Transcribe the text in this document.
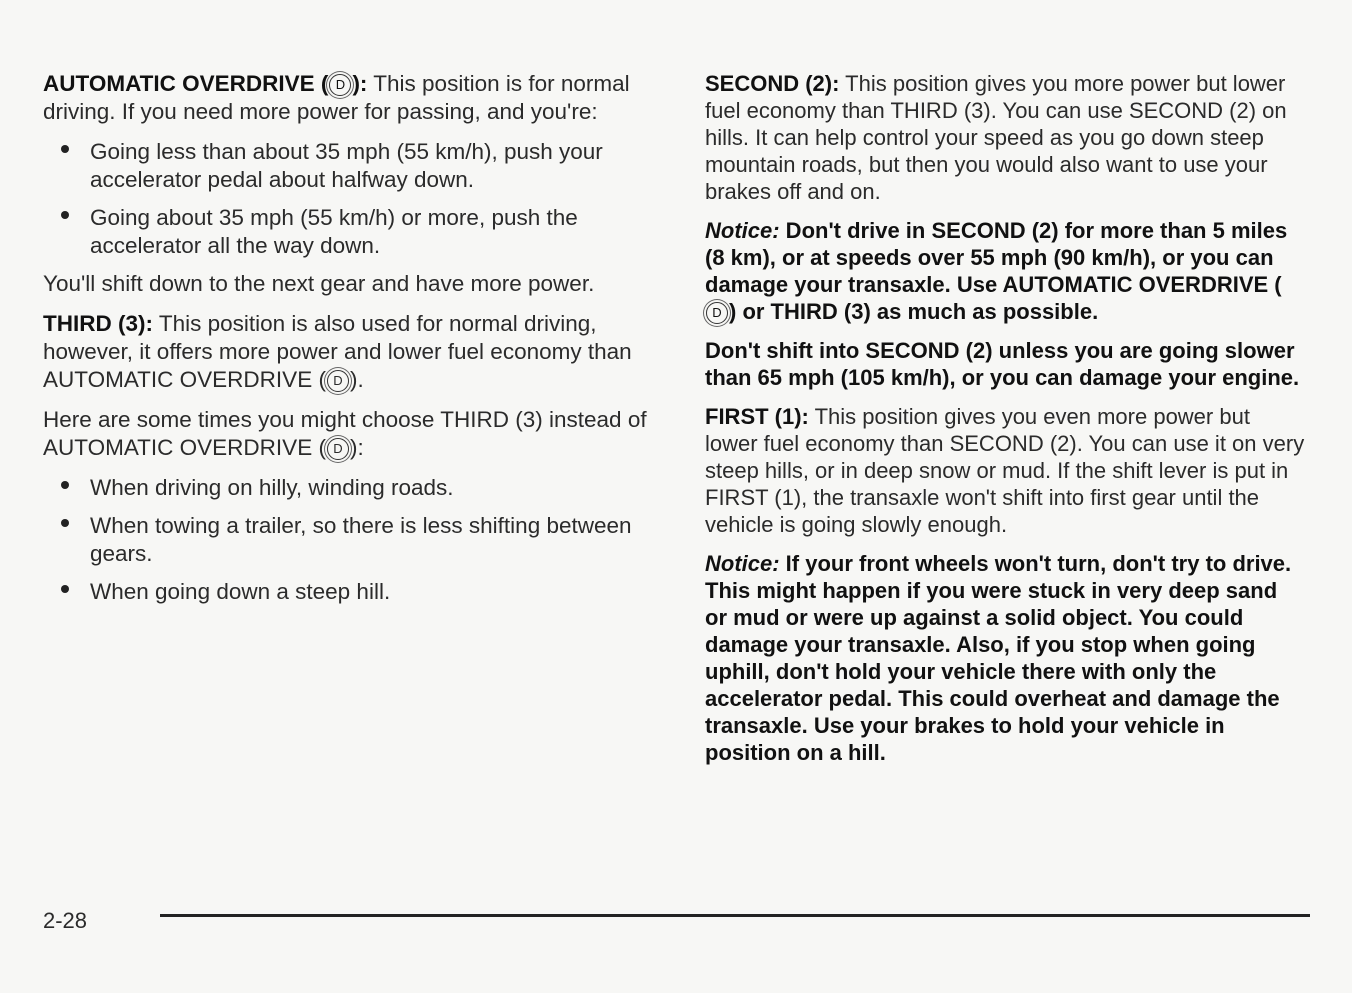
AUTOMATIC OVERDRIVE ( D ): This position is for normal driving. If you need more power for passing, and you're:

Going less than about 35 mph (55 km/h), push your accelerator pedal about halfway down.
Going about 35 mph (55 km/h) or more, push the accelerator all the way down.

You'll shift down to the next gear and have more power.

THIRD (3): This position is also used for normal driving, however, it offers more power and lower fuel economy than AUTOMATIC OVERDRIVE ( D ).

Here are some times you might choose THIRD (3) instead of AUTOMATIC OVERDRIVE ( D ):

When driving on hilly, winding roads.
When towing a trailer, so there is less shifting between gears.
When going down a steep hill.

SECOND (2): This position gives you more power but lower fuel economy than THIRD (3). You can use SECOND (2) on hills. It can help control your speed as you go down steep mountain roads, but then you would also want to use your brakes off and on.

Notice: Don't drive in SECOND (2) for more than 5 miles (8 km), or at speeds over 55 mph (90 km/h), or you can damage your transaxle. Use AUTOMATIC OVERDRIVE (D ) or THIRD (3) as much as possible.

Don't shift into SECOND (2) unless you are going slower than 65 mph (105 km/h), or you can damage your engine.

FIRST (1): This position gives you even more power but lower fuel economy than SECOND (2). You can use it on very steep hills, or in deep snow or mud. If the shift lever is put in FIRST (1), the transaxle won't shift into first gear until the vehicle is going slowly enough.

Notice: If your front wheels won't turn, don't try to drive. This might happen if you were stuck in very deep sand or mud or were up against a solid object. You could damage your transaxle. Also, if you stop when going uphill, don't hold your vehicle there with only the accelerator pedal. This could overheat and damage the transaxle. Use your brakes to hold your vehicle in position on a hill.

2-28
